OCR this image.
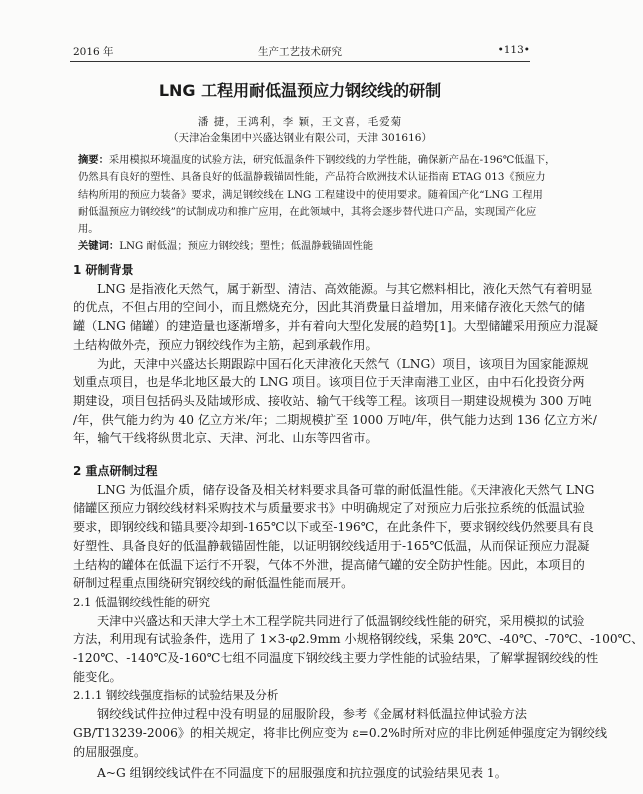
2016 年	生产工艺技术研究	•113•
LNG 工程用耐低温预应力钢绞线的研制
潘 捷，王鸿利，李 颖，王文喜，毛爱菊
（天津冶金集团中兴盛达钢业有限公司，天津 301616）
摘要：采用模拟环境温度的试验方法，研究低温条件下钢绞线的力学性能，确保新产品在-196℃低温下，
仍然具有良好的塑性、具备良好的低温静载锚固性能，产品符合欧洲技术认证指南 ETAG 013《预应力
结构所用的预应力装备》要求，满足钢绞线在 LNG 工程建设中的使用要求。随着国产化“LNG 工程用
耐低温预应力钢绞线”的试制成功和推广应用，在此领域中，其将会逐步替代进口产品，实现国产化应
用。
关键词：LNG 耐低温；预应力钢绞线；塑性；低温静载锚固性能
1 研制背景
LNG 是指液化天然气，属于新型、清洁、高效能源。与其它燃料相比，液化天然气有着明显
的优点，不但占用的空间小，而且燃烧充分，因此其消费量日益增加，用来储存液化天然气的储
罐（LNG 储罐）的建造量也逐渐增多，并有着向大型化发展的趋势[1]。大型储罐采用预应力混凝
土结构做外壳，预应力钢绞线作为主筋，起到承载作用。
为此，天津中兴盛达长期跟踪中国石化天津液化天然气（LNG）项目，该项目为国家能源规
划重点项目，也是华北地区最大的 LNG 项目。该项目位于天津南港工业区，由中石化投资分两
期建设，项目包括码头及陆域形成、接收站、输气干线等工程。该项目一期建设规模为 300 万吨
/年，供气能力约为 40 亿立方米/年；二期规模扩至 1000 万吨/年，供气能力达到 136 亿立方米/
年，输气干线将纵贯北京、天津、河北、山东等四省市。
2 重点研制过程
LNG 为低温介质，储存设备及相关材料要求具备可靠的耐低温性能。《天津液化天然气 LNG
储罐区预应力钢绞线材料采购技术与质量要求书》中明确规定了对预应力后张拉系统的低温试验
要求，即钢绞线和锚具要冷却到-165℃以下或至-196℃，在此条件下，要求钢绞线仍然要具有良
好塑性、具备良好的低温静载锚固性能，以证明钢绞线适用于-165℃低温，从而保证预应力混凝
土结构的罐体在低温下运行不开裂，气体不外泄，提高储气罐的安全防护性能。因此，本项目的
研制过程重点围绕研究钢绞线的耐低温性能而展开。
2.1 低温钢绞线性能的研究
天津中兴盛达和天津大学土木工程学院共同进行了低温钢绞线性能的研究，采用模拟的试验
方法，利用现有试验条件，选用了 1×3-φ2.9mm 小规格钢绞线，采集 20℃、-40℃、-70℃、-100℃、
-120℃、-140℃及-160℃七组不同温度下钢绞线主要力学性能的试验结果，了解掌握钢绞线的性
能变化。
2.1.1 钢绞线强度指标的试验结果及分析
钢绞线试件拉伸过程中没有明显的屈服阶段，参考《金属材料低温拉伸试验方法
GB/T13239-2006》的相关规定，将非比例应变为 ε=0.2%时所对应的非比例延伸强度定为钢绞线
的屈服强度。
A~G 组钢绞线试件在不同温度下的屈服强度和抗拉强度的试验结果见表 1。
